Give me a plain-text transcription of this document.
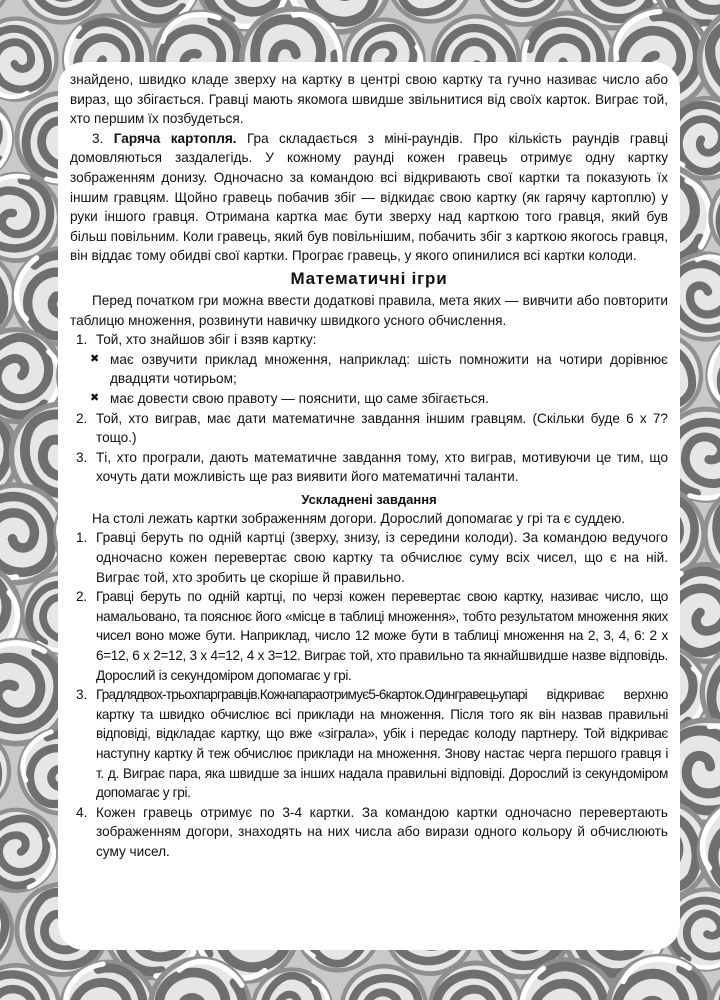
знайдено, швидко кладе зверху на картку в центрі свою картку та гучно називає число або вираз, що збігається. Гравці мають якомога швидше звільнитися від своїх карток. Виграє той, хто першим їх позбудеться.

3. Гаряча картопля. Гра складається з міні-раундів. Про кількість раундів гравці домовляються заздалегідь. У кожному раунді кожен гравець отримує одну картку зображенням донизу. Одночасно за командою всі відкривають свої картки та показують їх іншим гравцям. Щойно гравець побачив збіг — відкидає свою картку (як гарячу картоплю) у руки іншого гравця. Отримана картка має бути зверху над карткою того гравця, який був більш повільним. Коли гравець, який був повільнішим, побачить збіг з карткою якогось гравця, він віддає тому обидві свої картки. Програє гравець, у якого опинилися всі картки колоди.

Математичні ігри

Перед початком гри можна ввести додаткові правила, мета яких — вивчити або повторити таблицю множення, розвинути навичку швидкого усного обчислення.

1. Той, хто знайшов збіг і взяв картку:
✖ має озвучити приклад множення, наприклад: шість помножити на чотири дорівнює двадцяти чотирьом;
✖ має довести свою правоту — пояснити, що саме збігається.
2. Той, хто виграв, має дати математичне завдання іншим гравцям. (Скільки буде 6 х 7? тощо.)
3. Ті, хто програли, дають математичне завдання тому, хто виграв, мотивуючи це тим, що хочуть дати можливість ще раз виявити його математичні таланти.
Ускладнені завдання

На столі лежать картки зображенням догори. Дорослий допомагає у грі та є суддею.

1. Гравці беруть по одній картці (зверху, знизу, із середини колоди). За командою ведучого одночасно кожен перевертає свою картку та обчислює суму всіх чисел, що є на ній. Виграє той, хто зробить це скоріше й правильно.
2. Гравці беруть по одній картці, по черзі кожен перевертає свою картку, називає число, що намальовано, та пояснює його «місце в таблиці множення», тобто результатом множення яких чисел воно може бути. Наприклад, число 12 може бути в таблиці множення на 2, 3, 4, 6: 2 х 6=12, 6 х 2=12, 3 х 4=12, 4 х 3=12. Виграє той, хто правильно та якнайшвидше назве відповідь. Дорослий із секундоміром допомагає у грі.
3. Градлядвох-трьохпаргравців.Кожнапараотримує5-6карток.Одингравецьупарі відкриває верхню картку та швидко обчислює всі приклади на множення. Після того як він назвав правильні відповіді, відкладає картку, що вже «зіграла», убік і передає колоду партнеру. Той відкриває наступну картку й теж обчислює приклади на множення. Знову настає черга першого гравця і т. д. Виграє пара, яка швидше за інших надала правильні відповіді. Дорослий із секундоміром допомагає у грі.
4. Кожен гравець отримує по 3-4 картки. За командою картки одночасно перевертають зображенням догори, знаходять на них числа або вирази одного кольору й обчислюють суму чисел.
